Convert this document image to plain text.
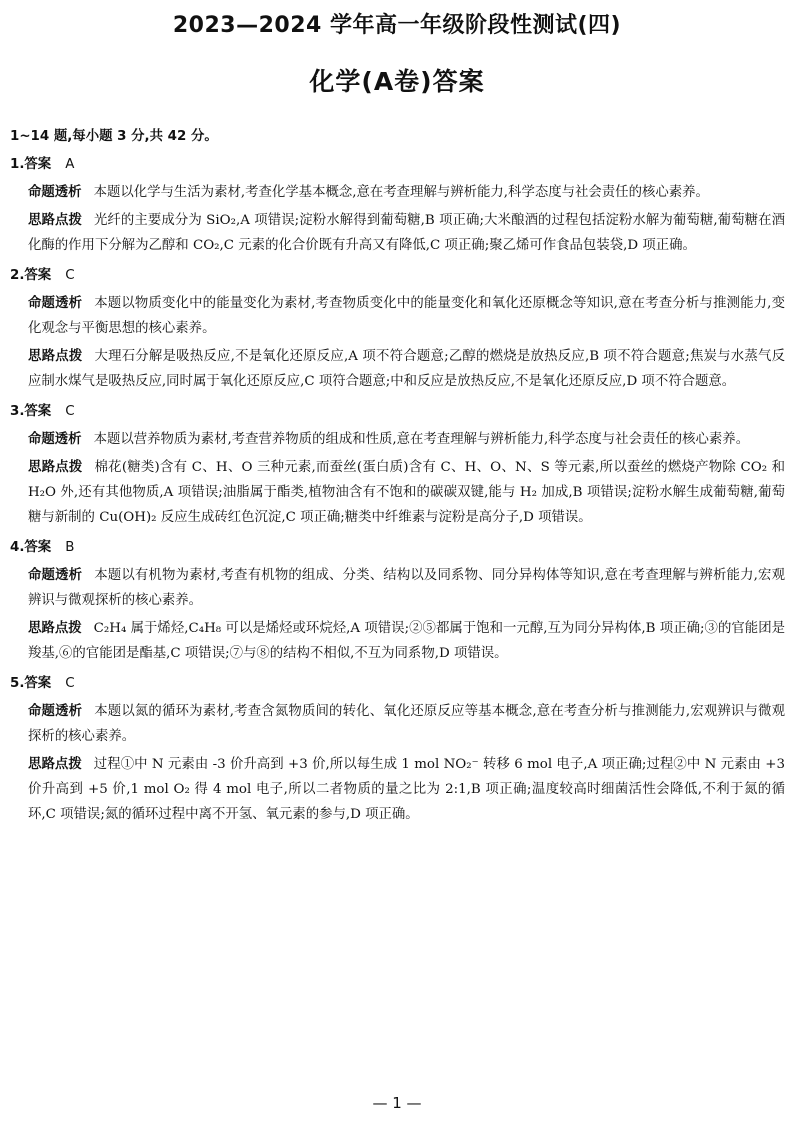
2023—2024 学年高一年级阶段性测试(四)
化学(A卷)答案
1~14 题,每小题 3 分,共 42 分。
1.答案 A
命题透析 本题以化学与生活为素材,考查化学基本概念,意在考查理解与辨析能力,科学态度与社会责任的核心素养。
思路点拨 光纤的主要成分为 SiO₂,A 项错误;淀粉水解得到葡萄糖,B 项正确;大米酿酒的过程包括淀粉水解为葡萄糖,葡萄糖在酒化酶的作用下分解为乙醇和 CO₂,C 元素的化合价既有升高又有降低,C 项正确;聚乙烯可作食品包装袋,D 项正确。
2.答案 C
命题透析 本题以物质变化中的能量变化为素材,考查物质变化中的能量变化和氧化还原概念等知识,意在考查分析与推测能力,变化观念与平衡思想的核心素养。
思路点拨 大理石分解是吸热反应,不是氧化还原反应,A 项不符合题意;乙醇的燃烧是放热反应,B 项不符合题意;焦炭与水蒸气反应制水煤气是吸热反应,同时属于氧化还原反应,C 项符合题意;中和反应是放热反应,不是氧化还原反应,D 项不符合题意。
3.答案 C
命题透析 本题以营养物质为素材,考查营养物质的组成和性质,意在考查理解与辨析能力,科学态度与社会责任的核心素养。
思路点拨 棉花(糖类)含有 C、H、O 三种元素,而蚕丝(蛋白质)含有 C、H、O、N、S 等元素,所以蚕丝的燃烧产物除 CO₂ 和 H₂O 外,还有其他物质,A 项错误;油脂属于酯类,植物油含有不饱和的碳碳双键,能与 H₂ 加成,B 项错误;淀粉水解生成葡萄糖,葡萄糖与新制的 Cu(OH)₂ 反应生成砖红色沉淀,C 项正确;糖类中纤维素与淀粉是高分子,D 项错误。
4.答案 B
命题透析 本题以有机物为素材,考查有机物的组成、分类、结构以及同系物、同分异构体等知识,意在考查理解与辨析能力,宏观辨识与微观探析的核心素养。
思路点拨 C₂H₄ 属于烯烃,C₄H₈ 可以是烯烃或环烷烃,A 项错误;②⑤都属于饱和一元醇,互为同分异构体,B 项正确;③的官能团是羧基,⑥的官能团是酯基,C 项错误;⑦与⑧的结构不相似,不互为同系物,D 项错误。
5.答案 C
命题透析 本题以氮的循环为素材,考查含氮物质间的转化、氧化还原反应等基本概念,意在考查分析与推测能力,宏观辨识与微观探析的核心素养。
思路点拨 过程①中 N 元素由 -3 价升高到 +3 价,所以每生成 1 mol NO₂⁻ 转移 6 mol 电子,A 项正确;过程②中 N 元素由 +3 价升高到 +5 价,1 mol O₂ 得 4 mol 电子,所以二者物质的量之比为 2:1,B 项正确;温度较高时细菌活性会降低,不利于氮的循环,C 项错误;氮的循环过程中离不开氢、氧元素的参与,D 项正确。
— 1 —
